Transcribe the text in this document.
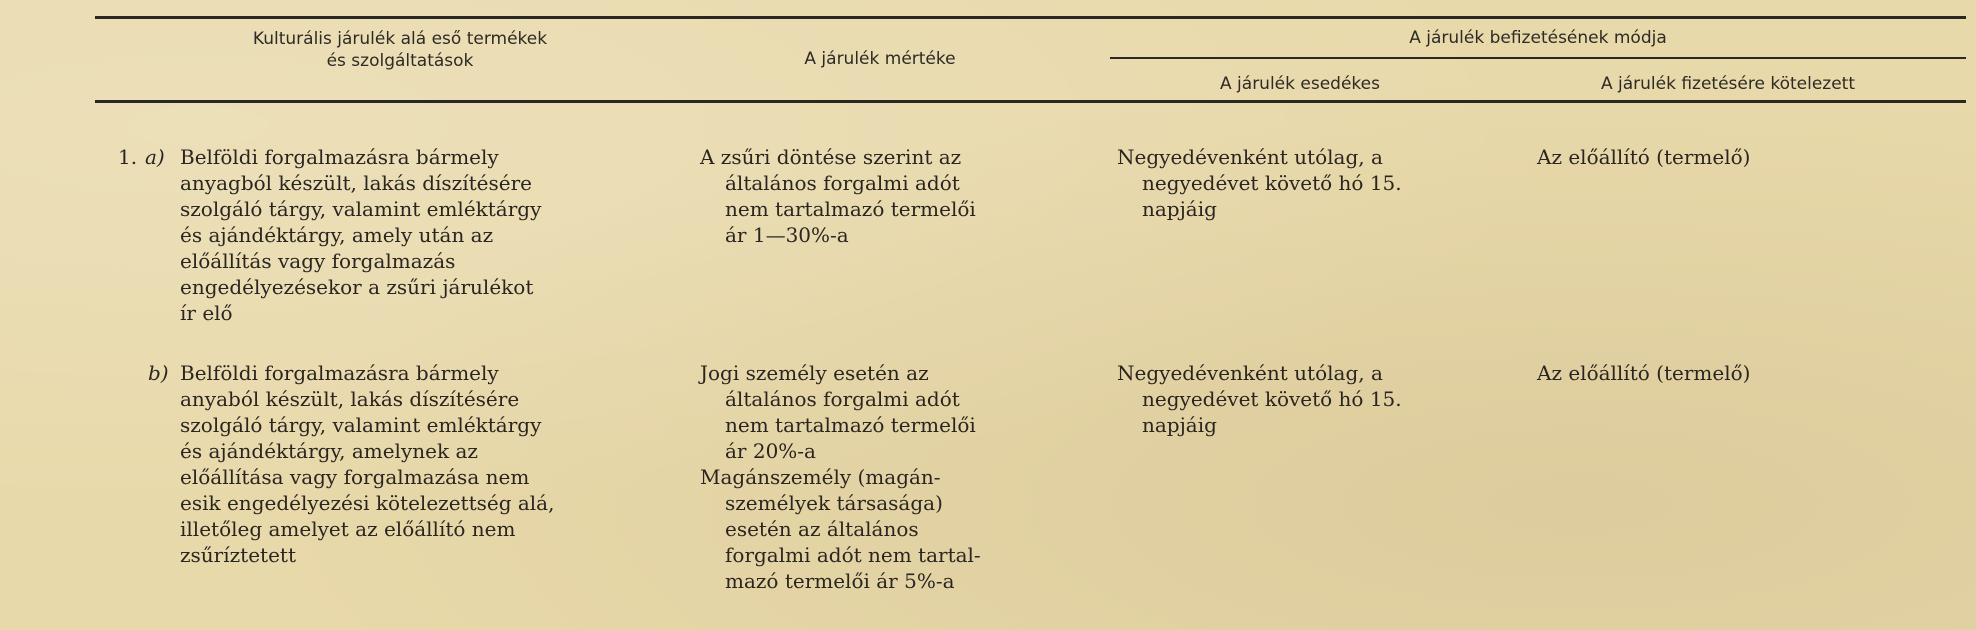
Kulturális járulék alá eső termékek
és szolgáltatások	A járulék mértéke
A járulék befizetésének módja
A járulék esedékes	A járulék fizetésére kötelezett
1. a) Belföldi forgalmazásra bármely
anyagból készült, lakás díszítésére
szolgáló tárgy, valamint emléktárgy
és ajándéktárgy, amely után az
előállítás vagy forgalmazás
engedélyezésekor a zsűri járulékot
ír elő
A zsűri döntése szerint az
általános forgalmi adót
nem tartalmazó termelői
ár 1—30%-a
Negyedévenként utólag, a
negyedévet követő hó 15.
napjáig
Az előállító (termelő)
b) Belföldi forgalmazásra bármely
anyaból készült, lakás díszítésére
szolgáló tárgy, valamint emléktárgy
és ajándéktárgy, amelynek az
előállítása vagy forgalmazása nem
esik engedélyezési kötelezettség alá,
illetőleg amelyet az előállító nem
zsűríztetett
Jogi személy esetén az
általános forgalmi adót
nem tartalmazó termelői
ár 20%-a
Magánszemély (magán-
személyek társasága)
esetén az általános
forgalmi adót nem tartal-
mazó termelői ár 5%-a
Negyedévenként utólag, a
negyedévet követő hó 15.
napjáig
Az előállító (termelő)
